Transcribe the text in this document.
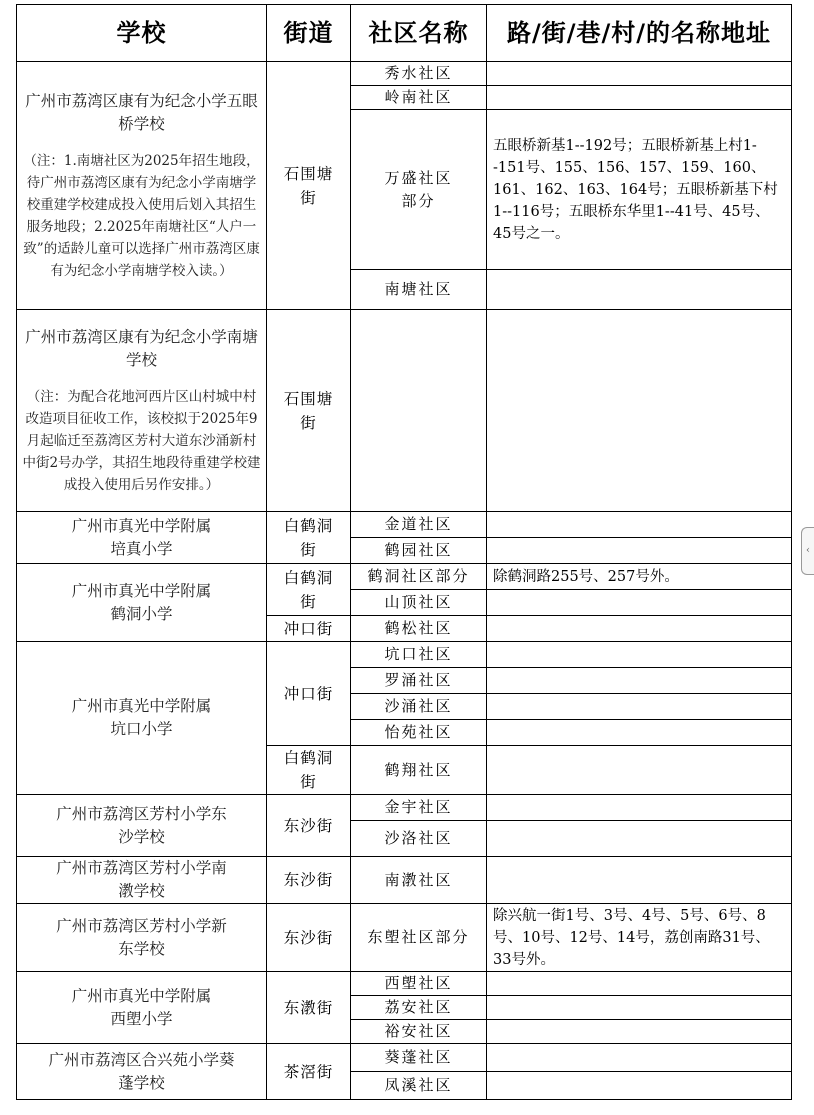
学校	街道	社区名称	路/街/巷/村/的名称地址

广州市荔湾区康有为纪念小学五眼桥学校
（注：1.南塘社区为2025年招生地段，待广州市荔湾区康有为纪念小学南塘学校重建学校建成投入使用后划入其招生服务地段；2.2025年南塘社区“人户一致”的适龄儿童可以选择广州市荔湾区康有为纪念小学南塘学校入读。）	石围塘街	秀水社区	
		岭南社区	
		万盛社区部分	五眼桥新基1--192号；五眼桥新基上村1--151号、155、156、157、159、160、161、162、163、164号；五眼桥新基下村1--116号；五眼桥东华里1--41号、45号、45号之一。
		南塘社区	

广州市荔湾区康有为纪念小学南塘学校
（注：为配合花地河西片区山村城中村改造项目征收工作，该校拟于2025年9月起临迁至荔湾区芳村大道东沙涌新村中街2号办学，其招生地段待重建学校建成投入使用后另作安排。）	石围塘街		
广州市真光中学附属培真小学	白鹤洞街	金道社区	
		鹤园社区	
广州市真光中学附属鹤洞小学	白鹤洞街	鹤洞社区部分	除鹤洞路255号、257号外。
		山顶社区	
	冲口街	鹤松社区	
广州市真光中学附属坑口小学	冲口街	坑口社区	
		罗涌社区	
		沙涌社区	
		怡苑社区	
	白鹤洞街	鹤翔社区	
广州市荔湾区芳村小学东沙学校	东沙街	金宇社区	
		沙洛社区	
广州市荔湾区芳村小学南漖学校	东沙街	南漖社区	
广州市荔湾区芳村小学新东学校	东沙街	东塱社区部分	除兴航一街1号、3号、4号、5号、6号、8号、10号、12号、14号，荔创南路31号、33号外。
广州市真光中学附属西塱小学	东漖街	西塱社区	
		荔安社区	
		裕安社区	
广州市荔湾区合兴苑小学葵蓬学校	茶滘街	葵蓬社区	
		凤溪社区	
‹
